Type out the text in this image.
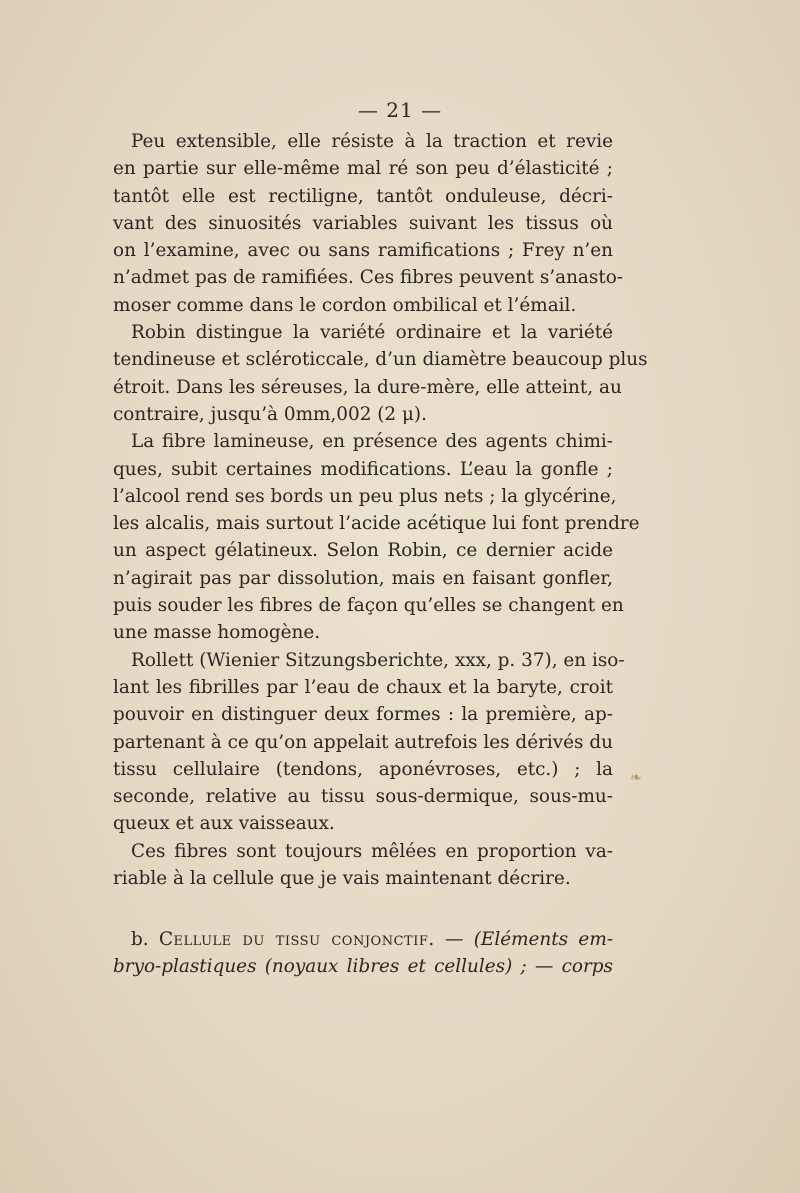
— 21 —
Peu extensible, elle résiste à la traction et revie
en partie sur elle-même mal ré son peu d’élasticité ;
tantôt elle est rectiligne, tantôt onduleuse, décri-
vant des sinuosités variables suivant les tissus où
on l’examine, avec ou sans ramifications ; Frey n’en
n’admet pas de ramifiées. Ces fibres peuvent s’anasto-
moser comme dans le cordon ombilical et l’émail.
Robin distingue la variété ordinaire et la variété
tendineuse et scléroticcale, d’un diamètre beaucoup plus
étroit. Dans les séreuses, la dure-mère, elle atteint, au
contraire, jusqu’à 0mm,002 (2 μ).
La fibre lamineuse, en présence des agents chimi-
ques, subit certaines modifications. L’eau la gonfle ;
l’alcool rend ses bords un peu plus nets ; la glycérine,
les alcalis, mais surtout l’acide acétique lui font prendre
un aspect gélatineux. Selon Robin, ce dernier acide
n’agirait pas par dissolution, mais en faisant gonfler,
puis souder les fibres de façon qu’elles se changent en
une masse homogène.
Rollett (Wienier Sitzungsberichte, xxx, p. 37), en iso-
lant les fibrilles par l’eau de chaux et la baryte, croit
pouvoir en distinguer deux formes : la première, ap-
partenant à ce qu’on appelait autrefois les dérivés du
tissu cellulaire (tendons, aponévroses, etc.) ; la
seconde, relative au tissu sous-dermique, sous-mu-
queux et aux vaisseaux.
Ces fibres sont toujours mêlées en proportion va-
riable à la cellule que je vais maintenant décrire.
b. Cellule du tissu conjonctif. — (Eléments em-
bryo-plastiques (noyaux libres et cellules) ; — corps
❧
